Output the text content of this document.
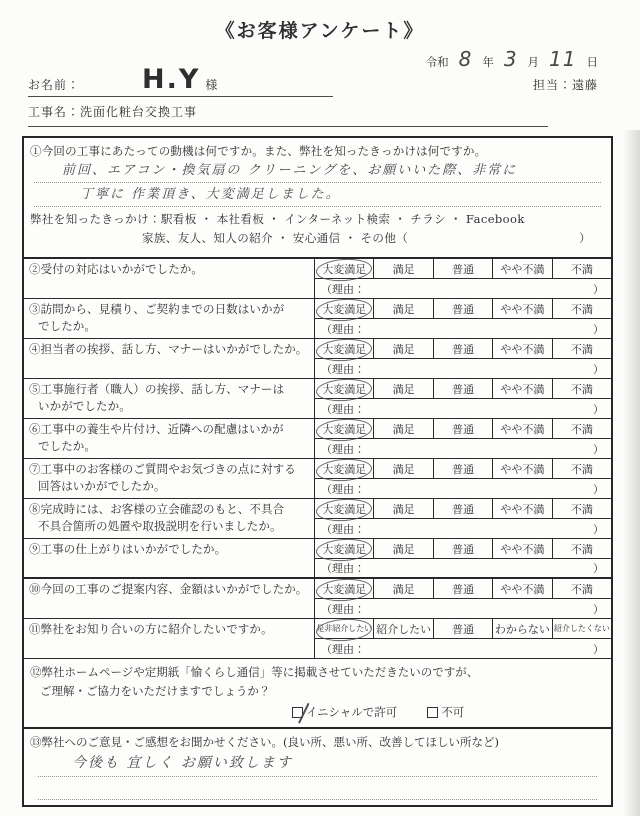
《お客様アンケート》
令和 8 年 3 月 11 日
担当：遠藤
お名前： H.Y 様
工事名：洗面化粧台交換工事
①今回の工事にあたっての動機は何ですか。また、弊社を知ったきっかけは何ですか。
前回、エアコン・換気扇の クリーニングを、お願いいた際、非常に
丁寧に 作業頂き、大変満足しました。
弊社を知ったきっかけ：駅看板 ・ 本社看板 ・ インターネット検索 ・ チラシ ・ Facebook
家族、友人、知人の紹介 ・ 安心通信 ・ その他（	）
②受付の対応はいかがでしたか。	大変満足 満足	普通 やや不満 不満
（理由：	）
③訪問から、見積り、ご契約までの日数はいかが
でしたか。
大変満足 満足	普通 やや不満 不満
（理由：	）
④担当者の挨拶、話し方、マナーはいかがでしたか。	大変満足 満足	普通 やや不満 不満
（理由：	）
⑤工事施行者（職人）の挨拶、話し方、マナーは
いかがでしたか。
大変満足 満足	普通 やや不満 不満
（理由：	）
⑥工事中の養生や片付け、近隣への配慮はいかが
でしたか。
大変満足 満足	普通 やや不満 不満
（理由：	）
⑦工事中のお客様のご質問やお気づきの点に対する
回答はいかがでしたか。
大変満足 満足	普通 やや不満 不満
（理由：	）
⑧完成時には、お客様の立会確認のもと、不具合
不具合箇所の処置や取扱説明を行いましたか。
大変満足 満足	普通 やや不満 不満
（理由：	）
⑨工事の仕上がりはいかがでしたか。	大変満足 満足	普通 やや不満 不満
（理由：	）
⑩今回の工事のご提案内容、金額はいかがでしたか。	大変満足 満足	普通 やや不満 不満
（理由：	）
⑪弊社をお知り合いの方に紹介したいですか。	是非紹介したい 紹介したい 普通 わからない 紹介したくない
（理由：	）
⑫弊社ホームページや定期紙「愉くらし通信」等に掲載させていただきたいのですが、
ご理解・ご協力をいただけますでしょうか？
イニシャルで許可	不可
⑬弊社へのご意見・ご感想をお聞かせください。(良い所、悪い所、改善してほしい所など)
今後も 宜しく お願い致します
